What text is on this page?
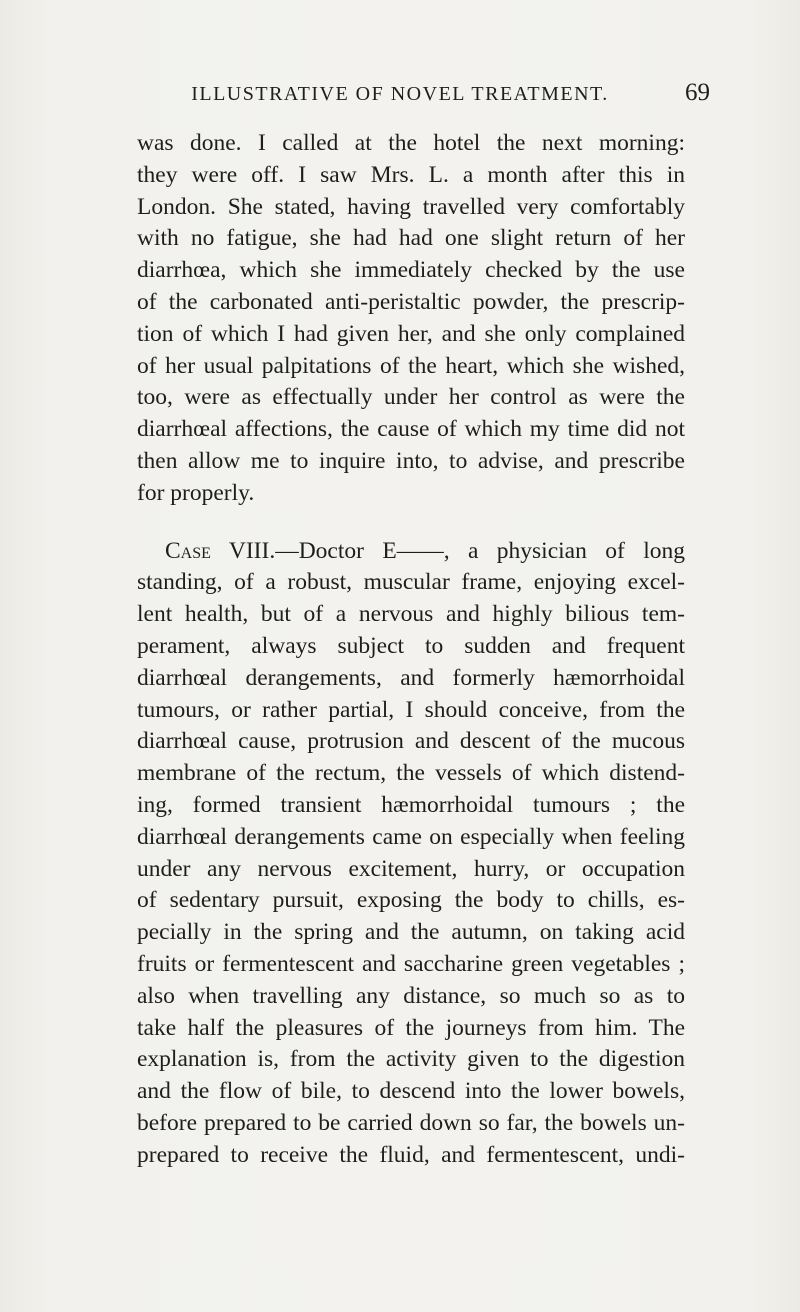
ILLUSTRATIVE OF NOVEL TREATMENT.	69
was done. I called at the hotel the next morning:
they were off. I saw Mrs. L. a month after this in
London. She stated, having travelled very comfortably
with no fatigue, she had had one slight return of her
diarrhœa, which she immediately checked by the use
of the carbonated anti-peristaltic powder, the prescrip-
tion of which I had given her, and she only complained
of her usual palpitations of the heart, which she wished,
too, were as effectually under her control as were the
diarrhœal affections, the cause of which my time did not
then allow me to inquire into, to advise, and prescribe
for properly.
Case VIII.—Doctor E——, a physician of long
standing, of a robust, muscular frame, enjoying excel-
lent health, but of a nervous and highly bilious tem-
perament, always subject to sudden and frequent
diarrhœal derangements, and formerly hæmorrhoidal
tumours, or rather partial, I should conceive, from the
diarrhœal cause, protrusion and descent of the mucous
membrane of the rectum, the vessels of which distend-
ing, formed transient hæmorrhoidal tumours ; the
diarrhœal derangements came on especially when feeling
under any nervous excitement, hurry, or occupation
of sedentary pursuit, exposing the body to chills, es-
pecially in the spring and the autumn, on taking acid
fruits or fermentescent and saccharine green vegetables ;
also when travelling any distance, so much so as to
take half the pleasures of the journeys from him. The
explanation is, from the activity given to the digestion
and the flow of bile, to descend into the lower bowels,
before prepared to be carried down so far, the bowels un-
prepared to receive the fluid, and fermentescent, undi-
